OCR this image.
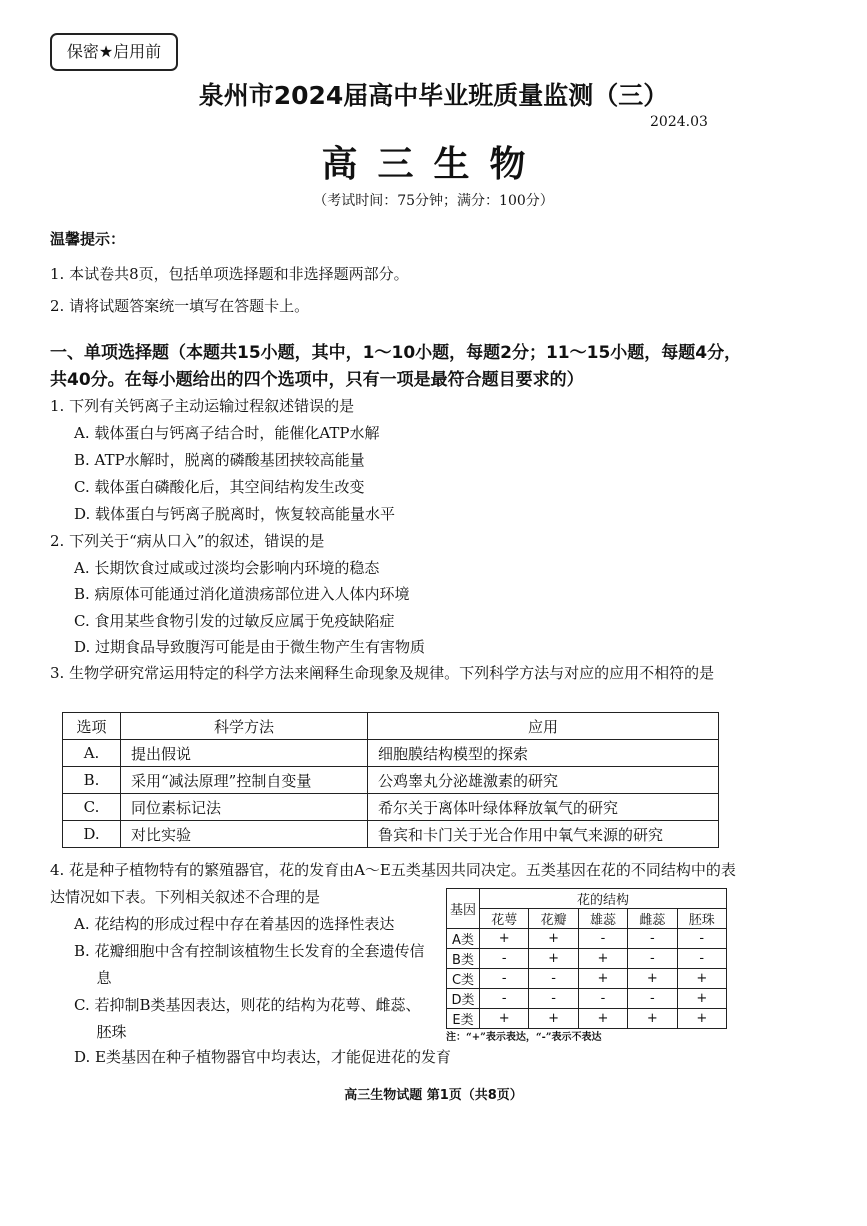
保密★启用前
泉州市2024届高中毕业班质量监测（三）
2024.03
高三生物
（考试时间：75分钟；满分：100分）
温馨提示：
1. 本试卷共8页，包括单项选择题和非选择题两部分。
2. 请将试题答案统一填写在答题卡上。
一、单项选择题（本题共15小题，其中，1～10小题，每题2分；11～15小题，每题4分，共40分。在每小题给出的四个选项中，只有一项是最符合题目要求的）
1. 下列有关钙离子主动运输过程叙述错误的是
A. 载体蛋白与钙离子结合时，能催化ATP水解
B. ATP水解时，脱离的磷酸基团挟较高能量
C. 载体蛋白磷酸化后，其空间结构发生改变
D. 载体蛋白与钙离子脱离时，恢复较高能量水平
2. 下列关于“病从口入”的叙述，错误的是
A. 长期饮食过咸或过淡均会影响内环境的稳态
B. 病原体可能通过消化道溃疡部位进入人体内环境
C. 食用某些食物引发的过敏反应属于免疫缺陷症
D. 过期食品导致腹泻可能是由于微生物产生有害物质
3. 生物学研究常运用特定的科学方法来阐释生命现象及规律。下列科学方法与对应的应用不相符的是
选项	科学方法	应用
A.	提出假说	细胞膜结构模型的探索
B.	采用“减法原理”控制自变量	公鸡睾丸分泌雄激素的研究
C.	同位素标记法	希尔关于离体叶绿体释放氧气的研究
D.	对比实验	鲁宾和卡门关于光合作用中氧气来源的研究
4. 花是种子植物特有的繁殖器官，花的发育由A～E五类基因共同决定。五类基因在花的不同结构中的表达情况如下表。下列相关叙述不合理的是
A. 花结构的形成过程中存在着基因的选择性表达
B. 花瓣细胞中含有控制该植物生长发育的全套遗传信息
C. 若抑制B类基因表达，则花的结构为花萼、雌蕊、胚珠
D. E类基因在种子植物器官中均表达，才能促进花的发育
基因	花的结构				
	花萼	花瓣	雄蕊	雌蕊	胚珠
A类	+	+	-	-	-
B类	-	+	+	-	-
C类	-	-	+	+	+
D类	-	-	-	-	+
E类	+	+	+	+	+
注：“+”表示表达，“-”表示不表达
高三生物试题 第1页（共8页）
